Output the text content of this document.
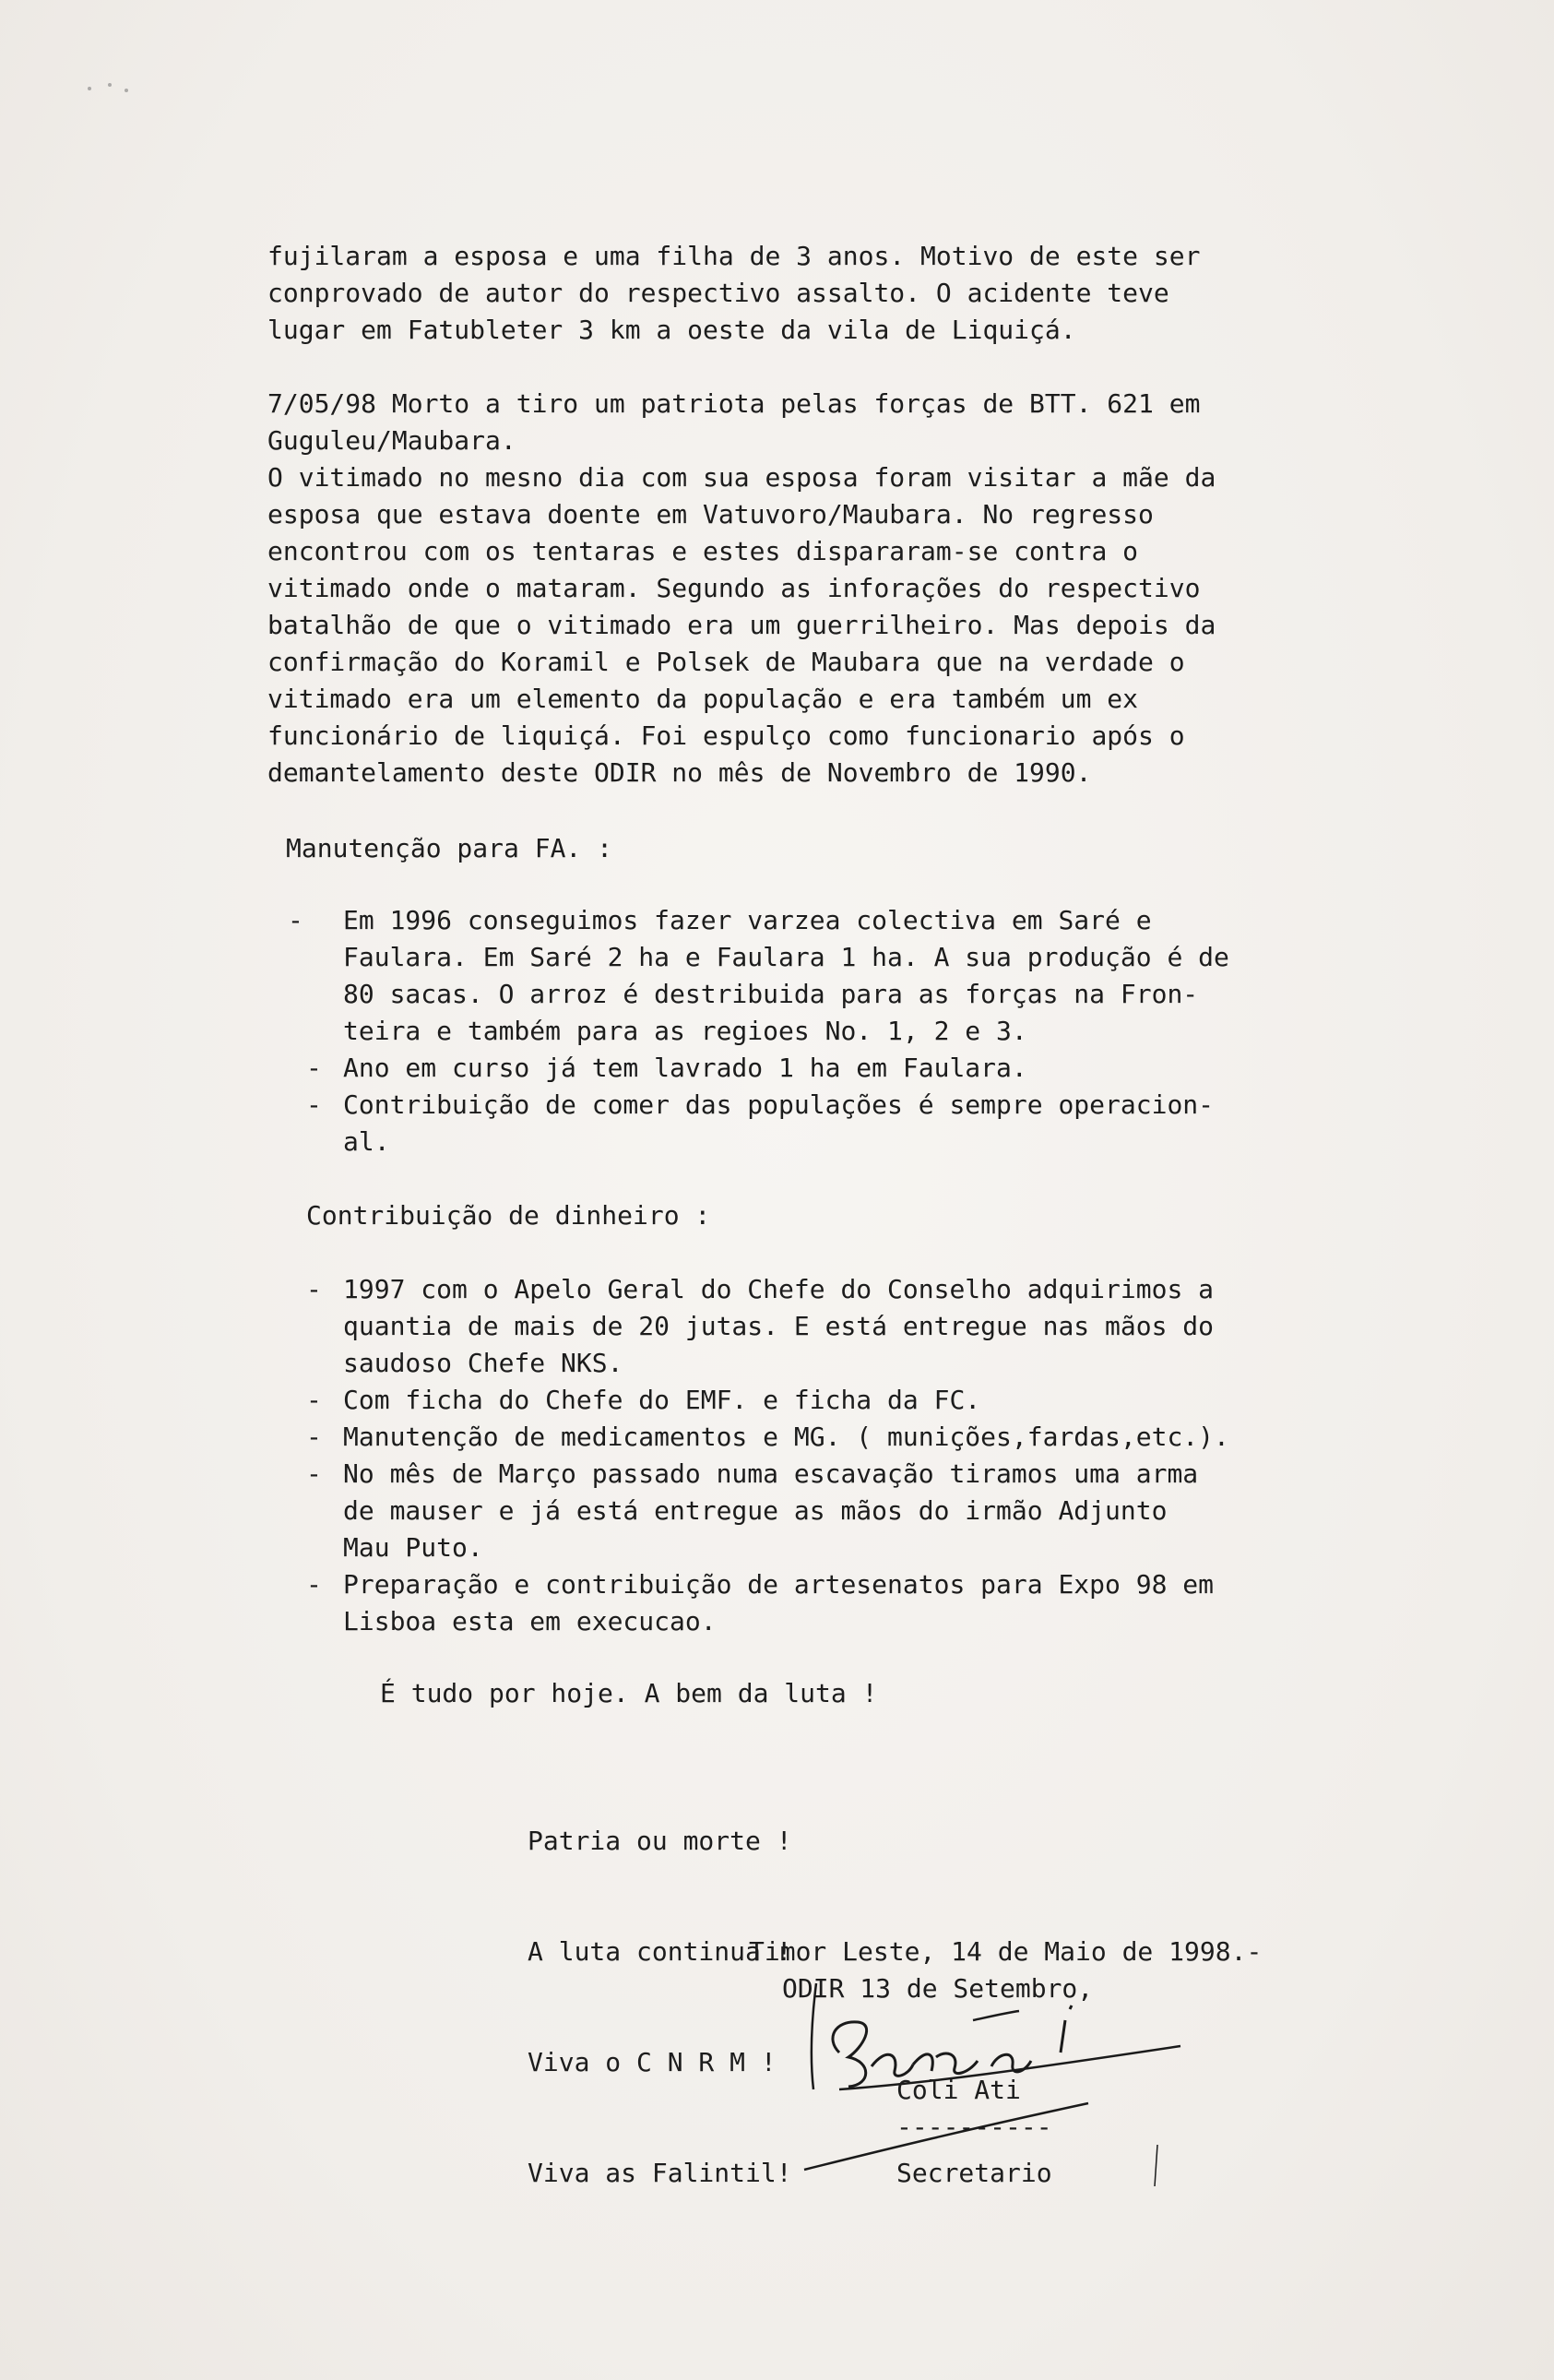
fujilaram a esposa e uma filha de 3 anos. Motivo de este ser
conprovado de autor do respectivo assalto. O acidente teve
lugar em Fatubleter 3 km a oeste da vila de Liquiçá.
7/05/98 Morto a tiro um patriota pelas forças de BTT. 621 em
Guguleu/Maubara.
O vitimado no mesno dia com sua esposa foram visitar a mãe da
esposa que estava doente em Vatuvoro/Maubara. No regresso
encontrou com os tentaras e estes dispararam-se contra o
vitimado onde o mataram. Segundo as inforações do respectivo
batalhão de que o vitimado era um guerrilheiro. Mas depois da
confirmação do Koramil e Polsek de Maubara que na verdade o
vitimado era um elemento da população e era também um ex
funcionário de liquiçá. Foi espulço como funcionario após o
demantelamento deste ODIR no mês de Novembro de 1990.
Manutenção para FA. :
- Em 1996 conseguimos fazer varzea colectiva em Saré e
Faulara. Em Saré 2 ha e Faulara 1 ha. A sua produção é de
80 sacas. O arroz é destribuida para as forças na Fron-
teira e também para as regioes No. 1, 2 e 3.
- Ano em curso já tem lavrado 1 ha em Faulara.
- Contribuição de comer das populações é sempre operacion-
al.
Contribuição de dinheiro :
- 1997 com o Apelo Geral do Chefe do Conselho adquirimos a
quantia de mais de 20 jutas. E está entregue nas mãos do
saudoso Chefe NKS.
- Com ficha do Chefe do EMF. e ficha da FC.
- Manutenção de medicamentos e MG. ( munições,fardas,etc.).
- No mês de Março passado numa escavação tiramos uma arma
de mauser e já está entregue as mãos do irmão Adjunto
Mau Puto.
- Preparação e contribuição de artesenatos para Expo 98 em
Lisboa esta em execucao.
É tudo por hoje. A bem da luta !

Patria ou morte !

A luta continua !

Viva o C N R M !

Viva as Falintil!

Timor Leste, 14 de Maio de 1998.-
ODIR 13 de Setembro,
Coli Ati
----------
Secretario
